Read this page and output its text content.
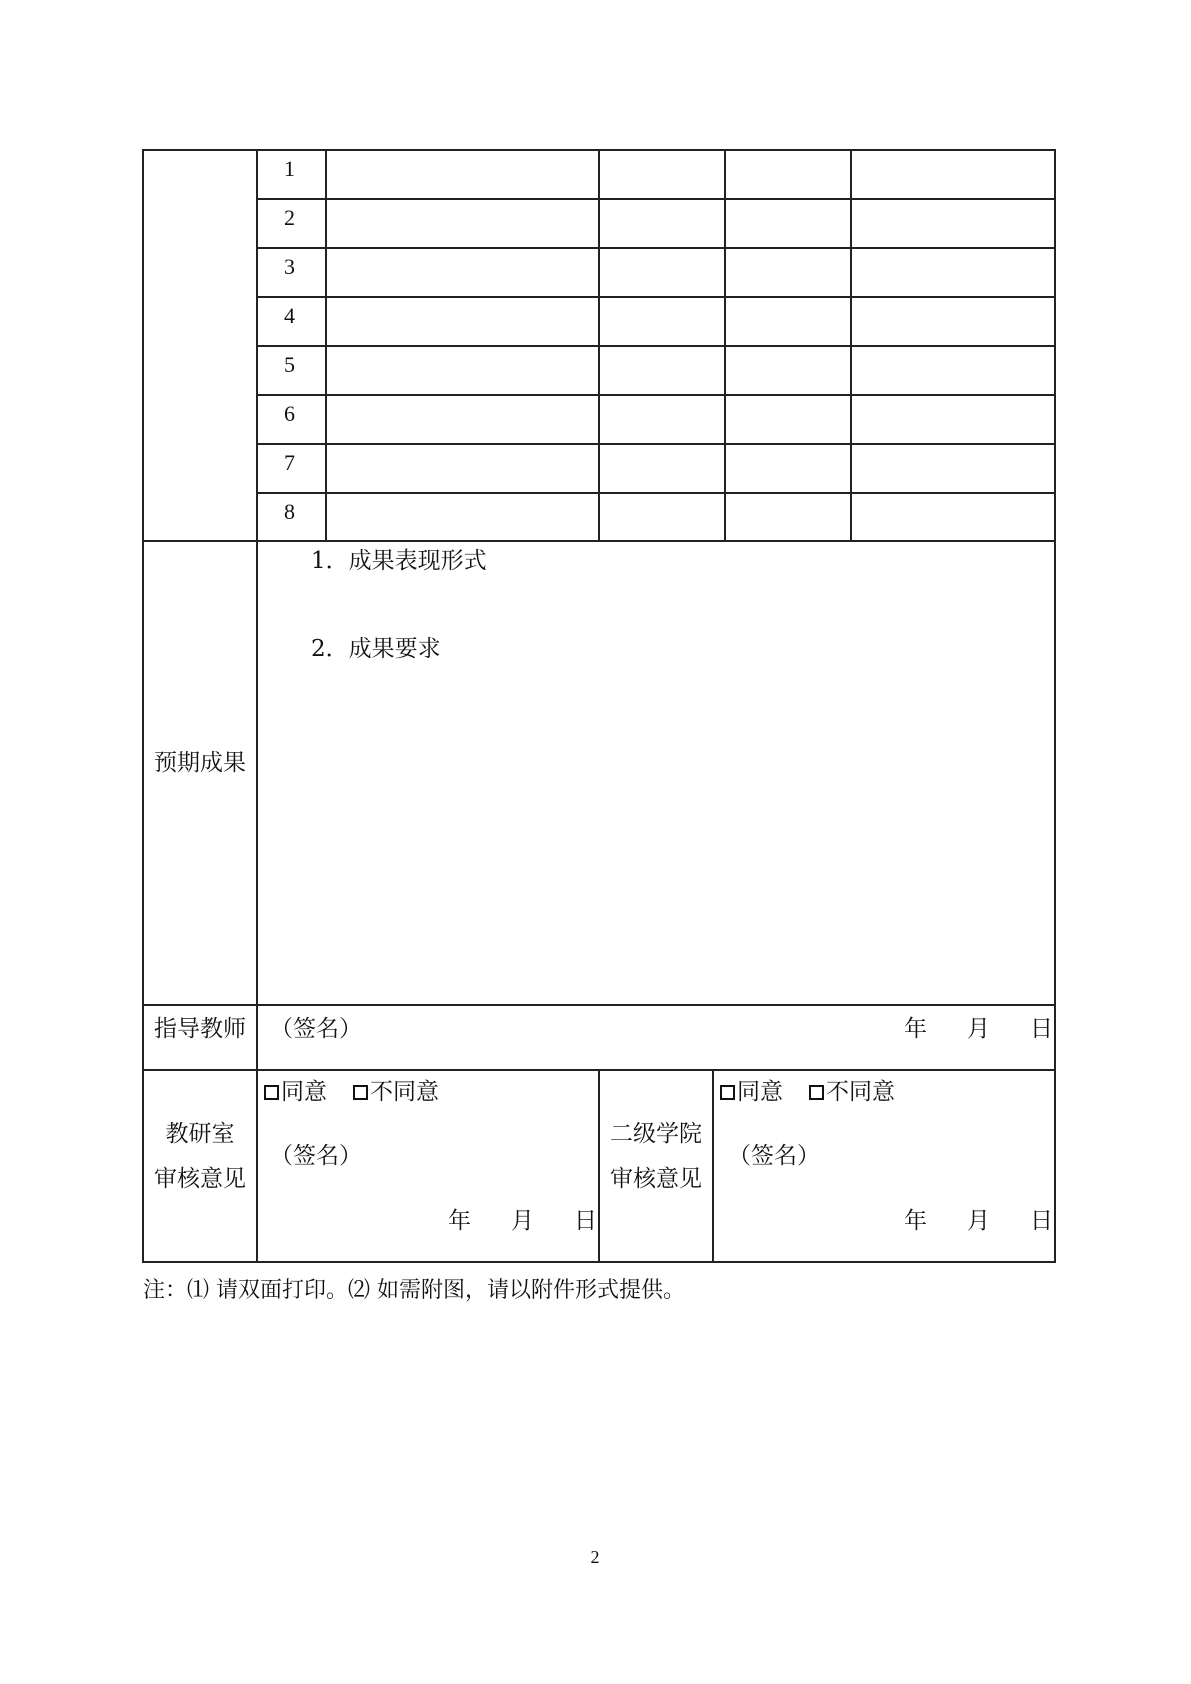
1
2
3
4
5
6
7
8
预期成果
1．成果表现形式
2．成果要求
指导教师	（签名）	年 月 日
教研室
审核意见
同意 不同意
（签名）
年 月 日
二级学院
审核意见
同意 不同意
（签名）
年 月 日
注：⑴ 请双面打印。⑵ 如需附图，请以附件形式提供。
2
